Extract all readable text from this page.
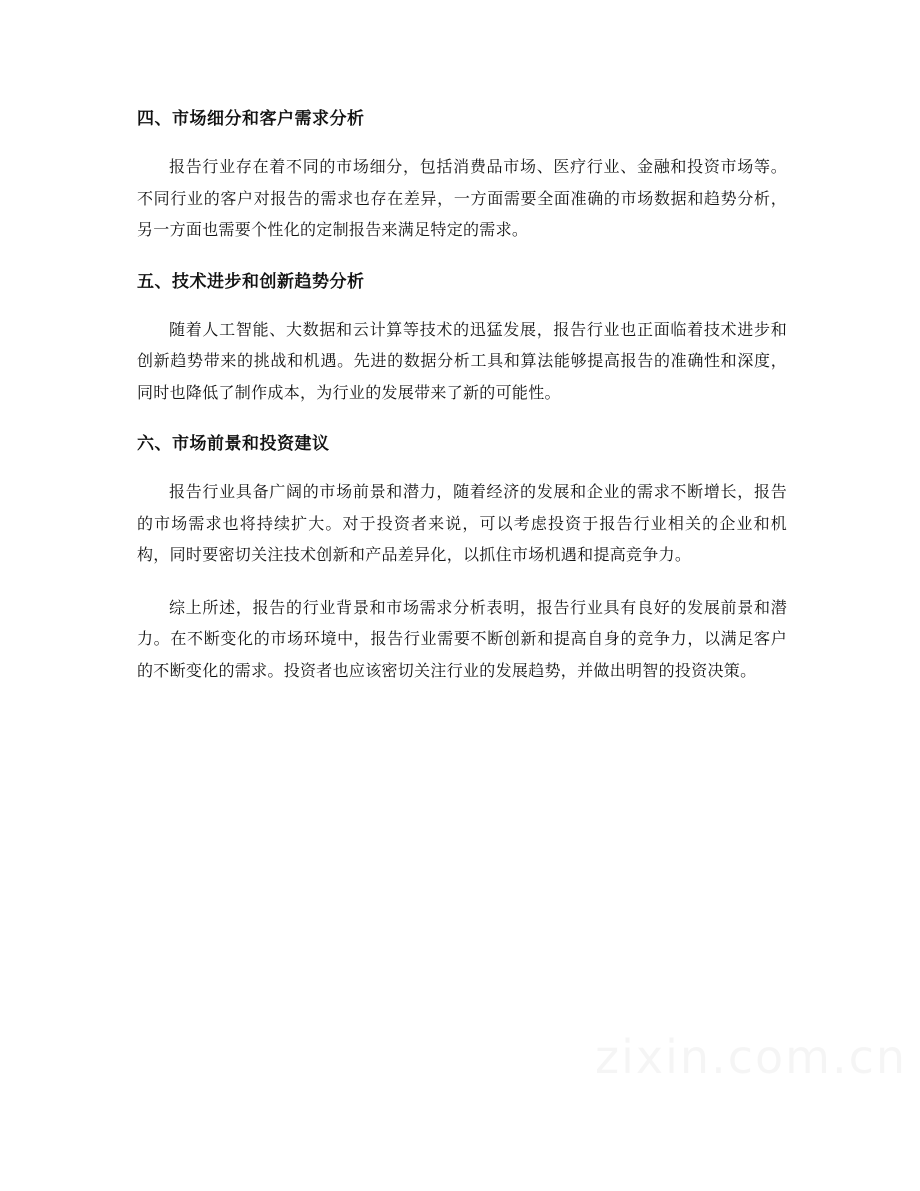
四、市场细分和客户需求分析

报告行业存在着不同的市场细分，包括消费品市场、医疗行业、金融和投资市场等。不同行业的客户对报告的需求也存在差异，一方面需要全面准确的市场数据和趋势分析，另一方面也需要个性化的定制报告来满足特定的需求。

五、技术进步和创新趋势分析

随着人工智能、大数据和云计算等技术的迅猛发展，报告行业也正面临着技术进步和创新趋势带来的挑战和机遇。先进的数据分析工具和算法能够提高报告的准确性和深度，同时也降低了制作成本，为行业的发展带来了新的可能性。

六、市场前景和投资建议

报告行业具备广阔的市场前景和潜力，随着经济的发展和企业的需求不断增长，报告的市场需求也将持续扩大。对于投资者来说，可以考虑投资于报告行业相关的企业和机构，同时要密切关注技术创新和产品差异化，以抓住市场机遇和提高竞争力。

综上所述，报告的行业背景和市场需求分析表明，报告行业具有良好的发展前景和潜力。在不断变化的市场环境中，报告行业需要不断创新和提高自身的竞争力，以满足客户的不断变化的需求。投资者也应该密切关注行业的发展趋势，并做出明智的投资决策。
